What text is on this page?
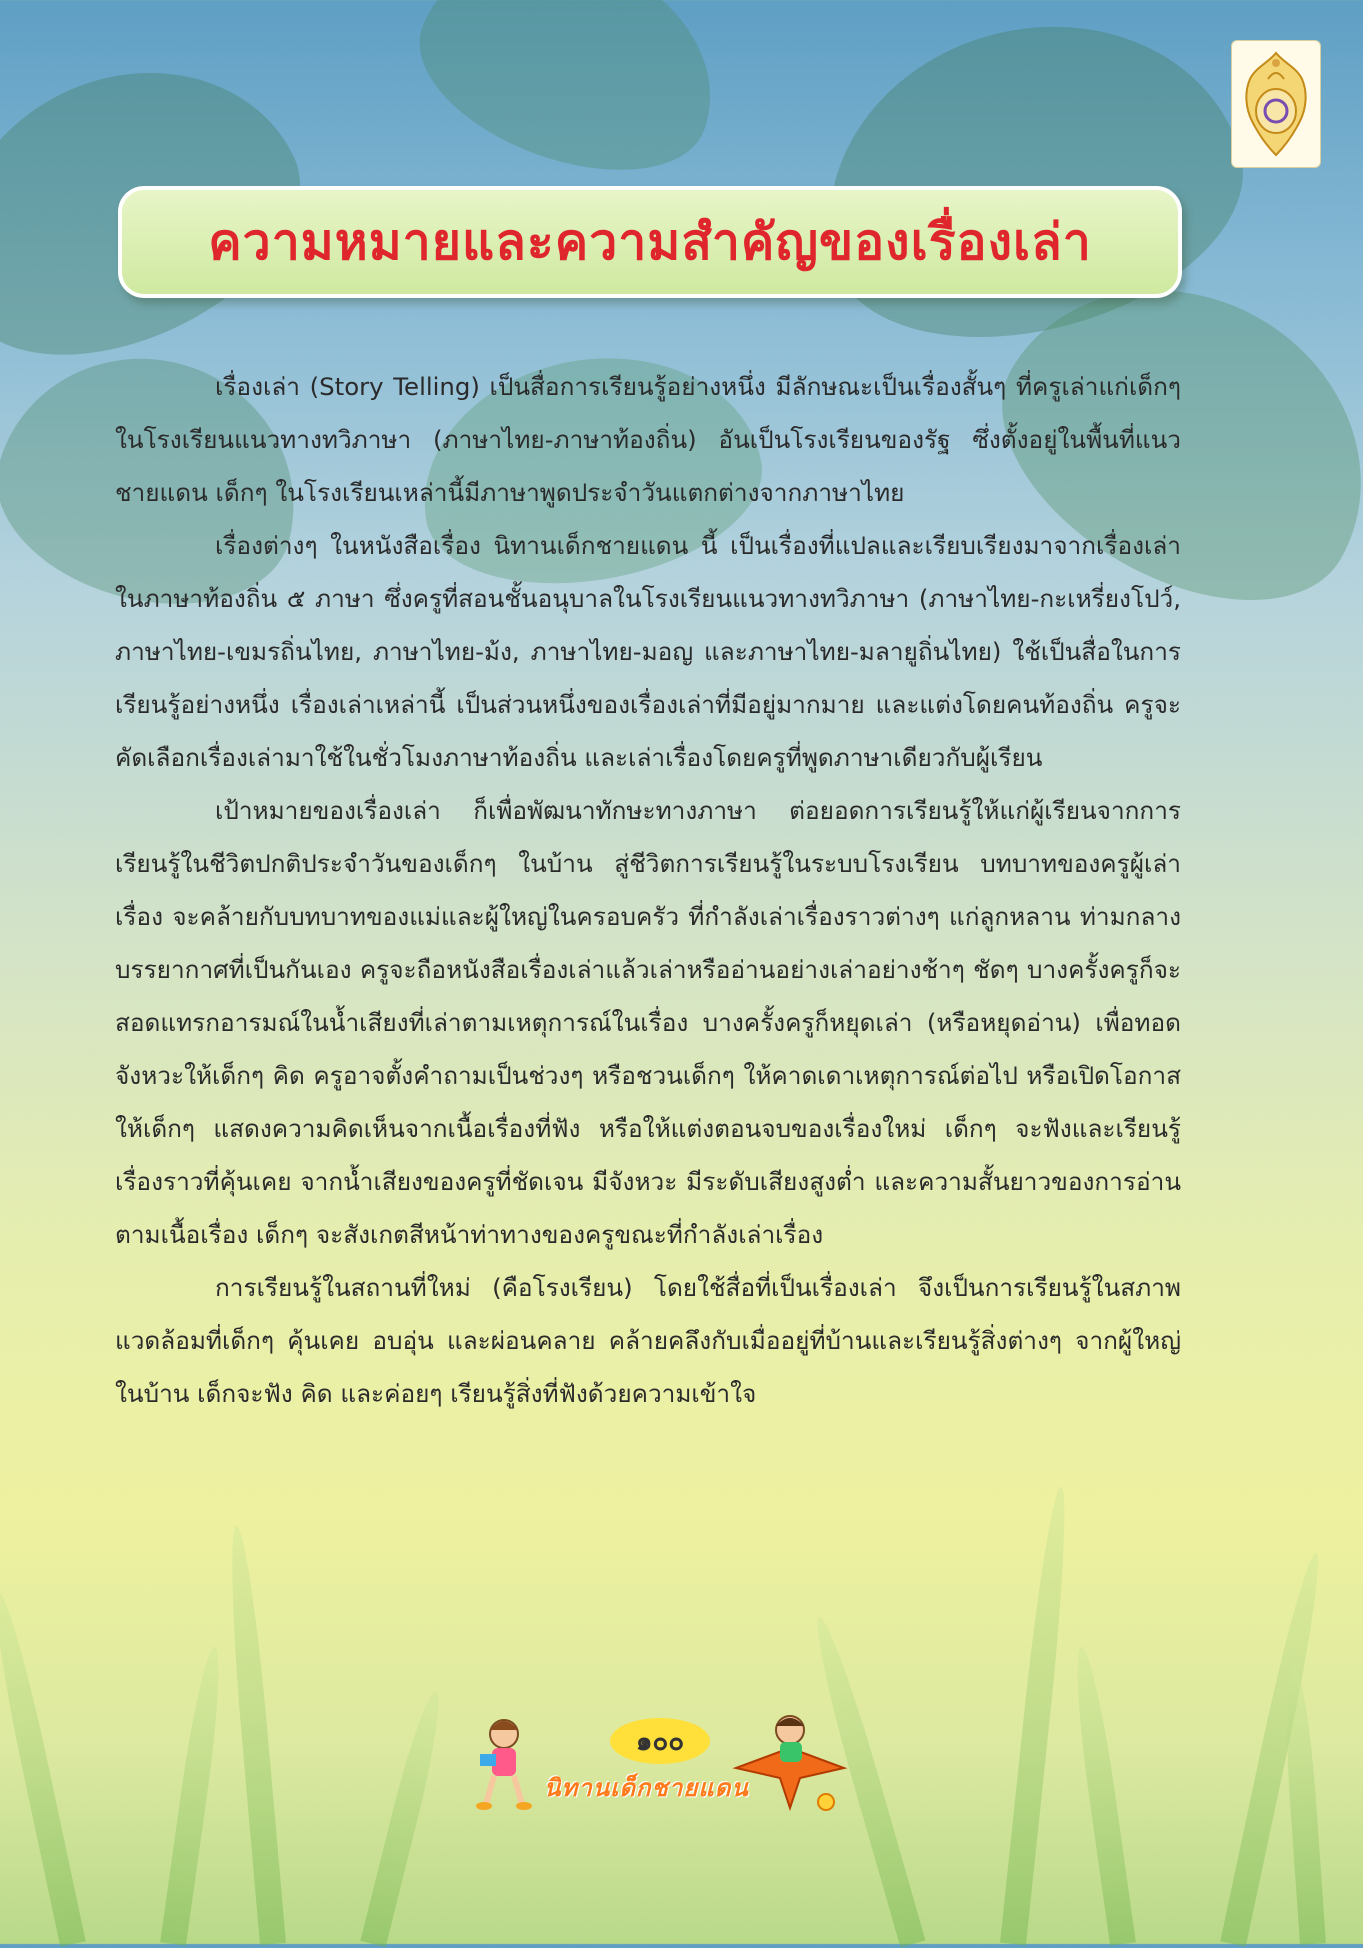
ความหมายและความสำคัญของเรื่องเล่า

เรื่องเล่า (Story Telling) เป็นสื่อการเรียนรู้อย่างหนึ่ง มีลักษณะเป็นเรื่องสั้นๆ ที่ครูเล่าแก่เด็กๆ ในโรงเรียนแนวทางทวิภาษา (ภาษาไทย-ภาษาท้องถิ่น) อันเป็นโรงเรียนของรัฐ ซึ่งตั้งอยู่ในพื้นที่แนวชายแดน เด็กๆ ในโรงเรียนเหล่านี้มีภาษาพูดประจำวันแตกต่างจากภาษาไทย

เรื่องต่างๆ ในหนังสือเรื่อง นิทานเด็กชายแดน นี้ เป็นเรื่องที่แปลและเรียบเรียงมาจากเรื่องเล่าในภาษาท้องถิ่น ๕ ภาษา ซึ่งครูที่สอนชั้นอนุบาลในโรงเรียนแนวทางทวิภาษา (ภาษาไทย-กะเหรี่ยงโปว์, ภาษาไทย-เขมรถิ่นไทย, ภาษาไทย-ม้ง, ภาษาไทย-มอญ และภาษาไทย-มลายูถิ่นไทย) ใช้เป็นสื่อในการเรียนรู้อย่างหนึ่ง เรื่องเล่าเหล่านี้ เป็นส่วนหนึ่งของเรื่องเล่าที่มีอยู่มากมาย และแต่งโดยคนท้องถิ่น ครูจะคัดเลือกเรื่องเล่ามาใช้ในชั่วโมงภาษาท้องถิ่น และเล่าเรื่องโดยครูที่พูดภาษาเดียวกับผู้เรียน

เป้าหมายของเรื่องเล่า ก็เพื่อพัฒนาทักษะทางภาษา ต่อยอดการเรียนรู้ให้แก่ผู้เรียนจากการเรียนรู้ในชีวิตปกติประจำวันของเด็กๆ ในบ้าน สู่ชีวิตการเรียนรู้ในระบบโรงเรียน บทบาทของครูผู้เล่าเรื่อง จะคล้ายกับบทบาทของแม่และผู้ใหญ่ในครอบครัว ที่กำลังเล่าเรื่องราวต่างๆ แก่ลูกหลาน ท่ามกลางบรรยากาศที่เป็นกันเอง ครูจะถือหนังสือเรื่องเล่าแล้วเล่าหรืออ่านอย่างเล่าอย่างช้าๆ ชัดๆ บางครั้งครูก็จะสอดแทรกอารมณ์ในน้ำเสียงที่เล่าตามเหตุการณ์ในเรื่อง บางครั้งครูก็หยุดเล่า (หรือหยุดอ่าน) เพื่อทอดจังหวะให้เด็กๆ คิด ครูอาจตั้งคำถามเป็นช่วงๆ หรือชวนเด็กๆ ให้คาดเดาเหตุการณ์ต่อไป หรือเปิดโอกาสให้เด็กๆ แสดงความคิดเห็นจากเนื้อเรื่องที่ฟัง หรือให้แต่งตอนจบของเรื่องใหม่ เด็กๆ จะฟังและเรียนรู้เรื่องราวที่คุ้นเคย จากน้ำเสียงของครูที่ชัดเจน มีจังหวะ มีระดับเสียงสูงต่ำ และความสั้นยาวของการอ่านตามเนื้อเรื่อง เด็กๆ จะสังเกตสีหน้าท่าทางของครูขณะที่กำลังเล่าเรื่อง

การเรียนรู้ในสถานที่ใหม่ (คือโรงเรียน) โดยใช้สื่อที่เป็นเรื่องเล่า จึงเป็นการเรียนรู้ในสภาพแวดล้อมที่เด็กๆ คุ้นเคย อบอุ่น และผ่อนคลาย คล้ายคลึงกับเมื่ออยู่ที่บ้านและเรียนรู้สิ่งต่างๆ จากผู้ใหญ่ในบ้าน เด็กจะฟัง คิด และค่อยๆ เรียนรู้สิ่งที่ฟังด้วยความเข้าใจ

๑๐๐
นิทานเด็กชายแดน
